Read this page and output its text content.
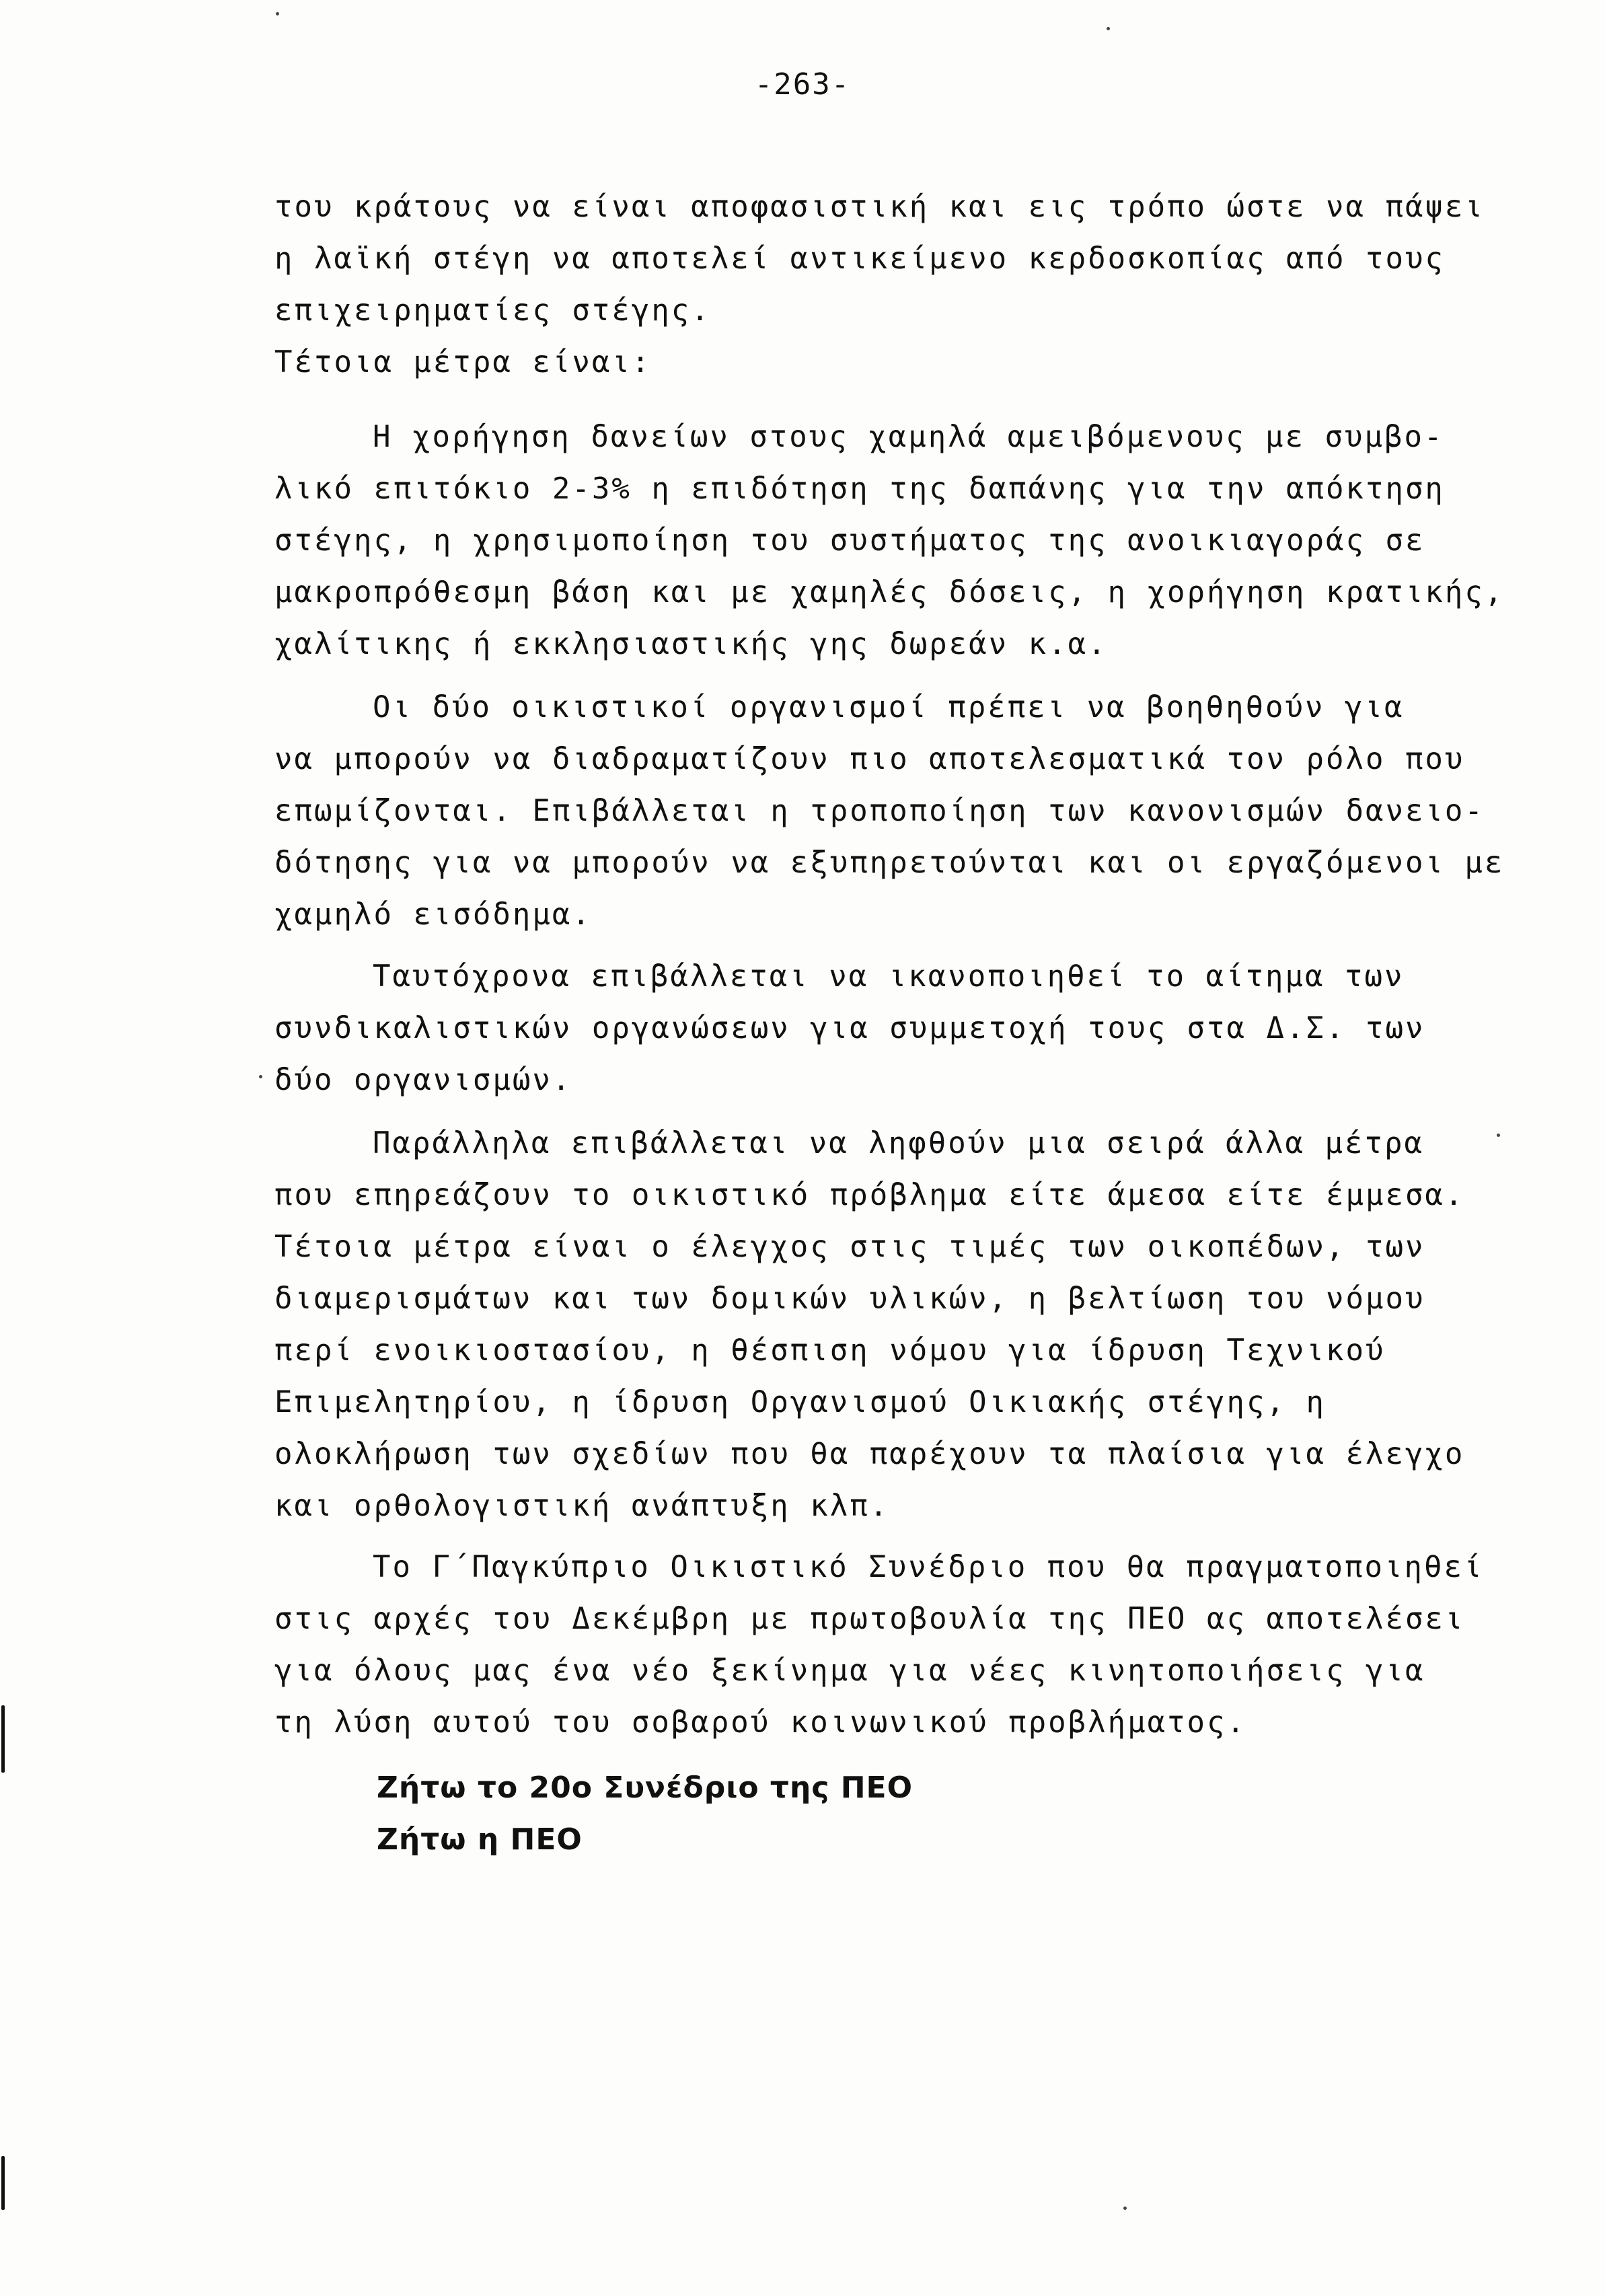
-263-
του κράτους να είναι αποφασιστική και εις τρόπο ώστε να πάψει
η λαϊκή στέγη να αποτελεί αντικείμενο κερδοσκοπίας από τους
επιχειρηματίες στέγης.
Τέτοια μέτρα είναι:
Η χορήγηση δανείων στους χαμηλά αμειβόμενους με συμβο-
λικό επιτόκιο 2-3% η επιδότηση της δαπάνης για την απόκτηση
στέγης, η χρησιμοποίηση του συστήματος της ανοικιαγοράς σε
μακροπρόθεσμη βάση και με χαμηλές δόσεις, η χορήγηση κρατικής,
χαλίτικης ή εκκλησιαστικής γης δωρεάν κ.α.
Οι δύο οικιστικοί οργανισμοί πρέπει να βοηθηθούν για
να μπορούν να διαδραματίζουν πιο αποτελεσματικά τον ρόλο που
επωμίζονται. Επιβάλλεται η τροποποίηση των κανονισμών δανειο-
δότησης για να μπορούν να εξυπηρετούνται και οι εργαζόμενοι με
χαμηλό εισόδημα.
Ταυτόχρονα επιβάλλεται να ικανοποιηθεί το αίτημα των
συνδικαλιστικών οργανώσεων για συμμετοχή τους στα Δ.Σ. των
δύο οργανισμών.
Παράλληλα επιβάλλεται να ληφθούν μια σειρά άλλα μέτρα
που επηρεάζουν το οικιστικό πρόβλημα είτε άμεσα είτε έμμεσα.
Τέτοια μέτρα είναι ο έλεγχος στις τιμές των οικοπέδων, των
διαμερισμάτων και των δομικών υλικών, η βελτίωση του νόμου
περί ενοικιοστασίου, η θέσπιση νόμου για ίδρυση Τεχνικού
Επιμελητηρίου, η ίδρυση Οργανισμού Οικιακής στέγης, η
ολοκλήρωση των σχεδίων που θα παρέχουν τα πλαίσια για έλεγχο
και ορθολογιστική ανάπτυξη κλπ.
Το Γ΄Παγκύπριο Οικιστικό Συνέδριο που θα πραγματοποιηθεί
στις αρχές του Δεκέμβρη με πρωτοβουλία της ΠΕΟ ας αποτελέσει
για όλους μας ένα νέο ξεκίνημα για νέες κινητοποιήσεις για
τη λύση αυτού του σοβαρού κοινωνικού προβλήματος.
Ζήτω το 20ο Συνέδριο της ΠΕΟ
Ζήτω η ΠΕΟ
